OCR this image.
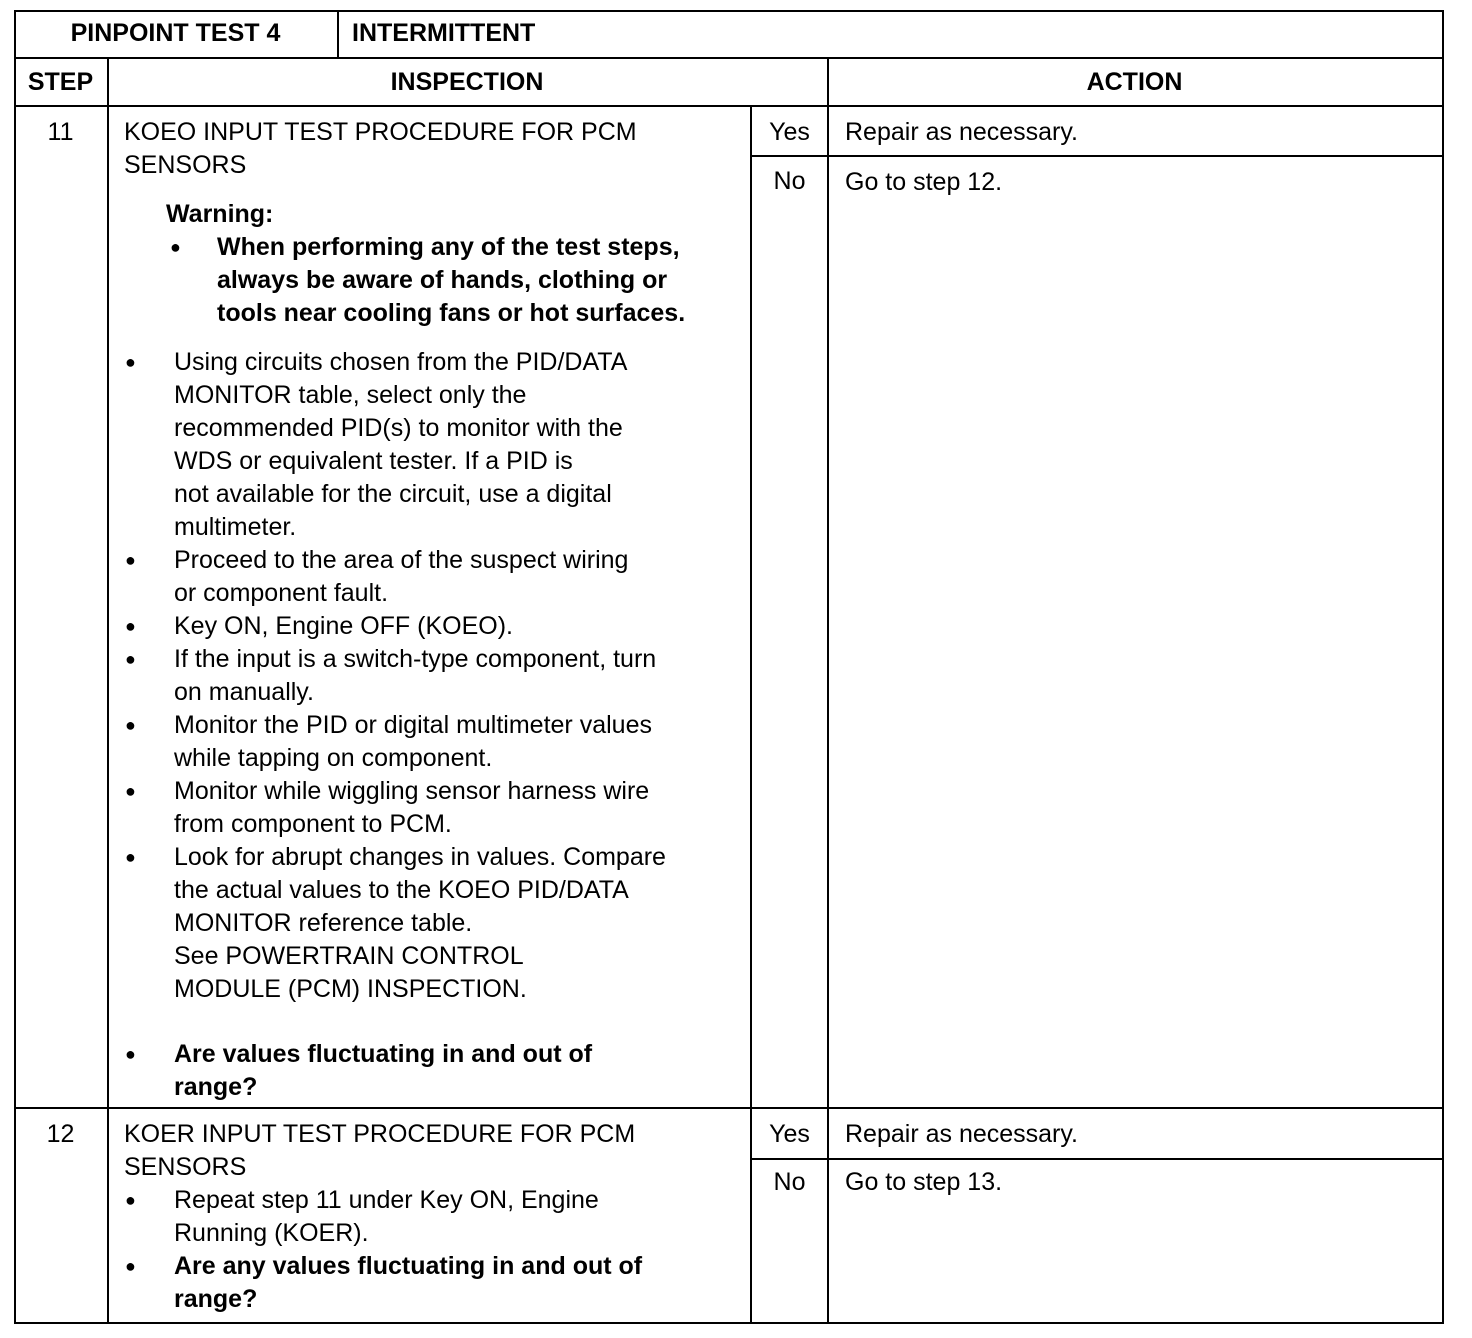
PINPOINT TEST 4	INTERMITTENT
STEP	INSPECTION	ACTION
11	KOEO INPUT TEST PROCEDURE FOR PCM
SENSORS
Warning:
● When performing any of the test steps,
always be aware of hands, clothing or
tools near cooling fans or hot surfaces.
● Using circuits chosen from the PID/DATA
MONITOR table, select only the
recommended PID(s) to monitor with the
WDS or equivalent tester. If a PID is
not available for the circuit, use a digital
multimeter.
● Proceed to the area of the suspect wiring
or component fault.
● Key ON, Engine OFF (KOEO).
● If the input is a switch-type component, turn
on manually.
● Monitor the PID or digital multimeter values
while tapping on component.
● Monitor while wiggling sensor harness wire
from component to PCM.
● Look for abrupt changes in values. Compare
the actual values to the KOEO PID/DATA
MONITOR reference table.
See POWERTRAIN CONTROL
MODULE (PCM) INSPECTION.
● Are values fluctuating in and out of
range?
Yes	Repair as necessary.
No	Go to step 12.
12	KOER INPUT TEST PROCEDURE FOR PCM
SENSORS
● Repeat step 11 under Key ON, Engine
Running (KOER).
● Are any values fluctuating in and out of
range?
Yes	Repair as necessary.
No	Go to step 13.
